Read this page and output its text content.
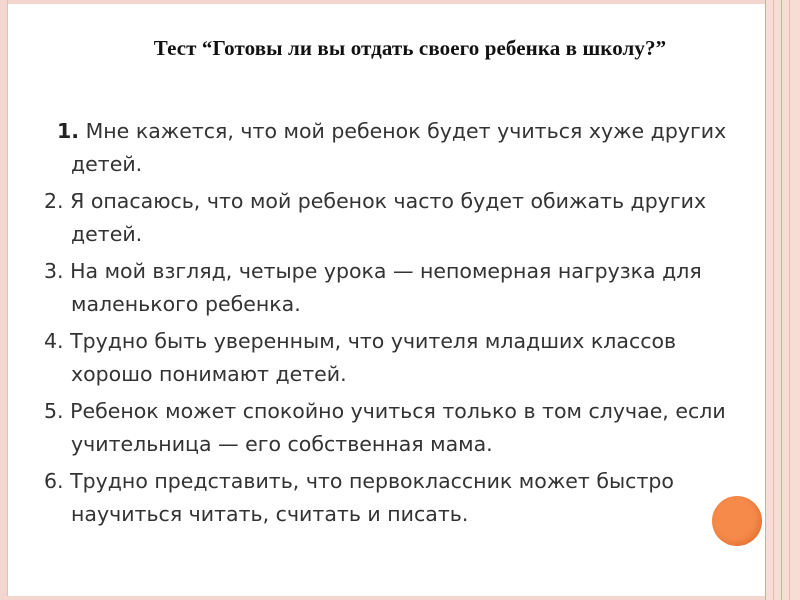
Тест “Готовы ли вы отдать своего ребенка в школу?”
1. Мне кажется, что мой ребенок будет учиться хуже других детей.
2. Я опасаюсь, что мой ребенок часто будет обижать других детей.
3. На мой взгляд, четыре урока — непомерная нагрузка для маленького ребенка.
4. Трудно быть уверенным, что учителя младших классов хорошо понимают детей.
5. Ребенок может спокойно учиться только в том случае, если учительница — его собственная мама.
6. Трудно представить, что первоклассник может быстро научиться читать, считать и писать.
